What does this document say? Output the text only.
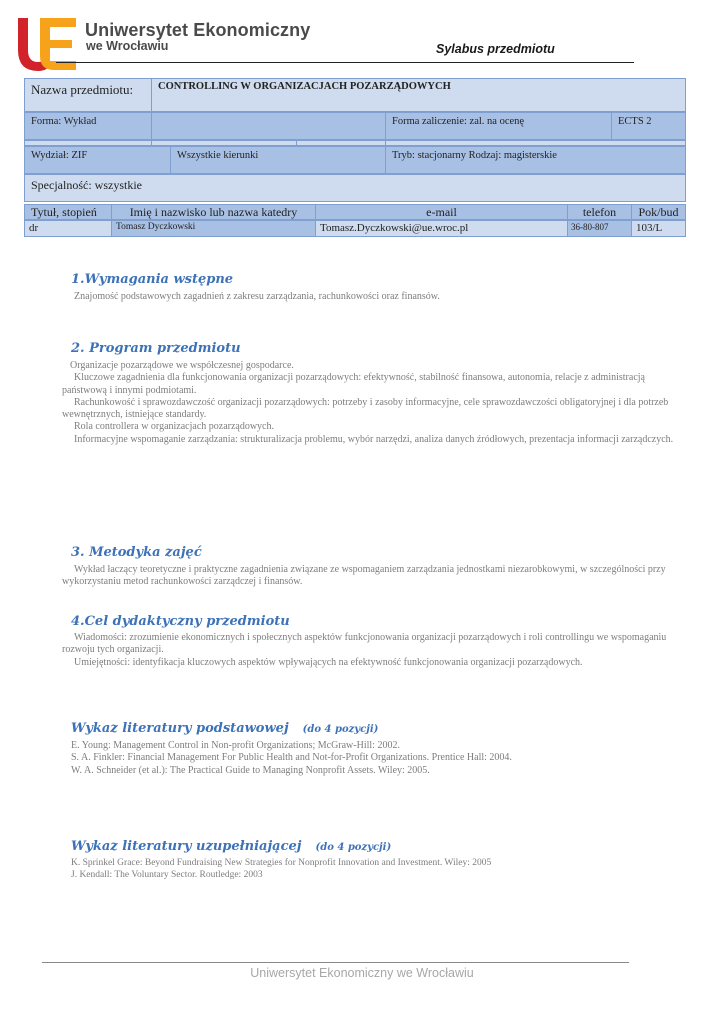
Uniwersytet Ekonomiczny
we Wrocławiu	Sylabus przedmiotu
Nazwa przedmiotu:	CONTROLLING W ORGANIZACJACH POZARZĄDOWYCH
Forma: Wykład	Forma zaliczenie: zal. na ocenę	ECTS 2
Wydział: ZIF	Wszystkie kierunki	Tryb: stacjonarny Rodzaj: magisterskie
Specjalność: wszystkie
Tytuł, stopień	Imię i nazwisko lub nazwa katedry	e-mail	telefon	Pok/bud
dr	Tomasz Dyczkowski	Tomasz.Dyczkowski@ue.wroc.pl	36-80-807	103/L
1.Wymagania wstępne
Znajomość podstawowych zagadnień z zakresu zarządzania, rachunkowości oraz finansów.
2. Program przedmiotu
Organizacje pozarządowe we współczesnej gospodarce.
Kluczowe zagadnienia dla funkcjonowania organizacji pozarządowych: efektywność, stabilność finansowa, autonomia, relacje z administracją państwową i innymi podmiotami.
Rachunkowość i sprawozdawczość organizacji pozarządowych: potrzeby i zasoby informacyjne, cele sprawozdawczości obligatoryjnej i dla potrzeb wewnętrznych, istniejące standardy.
Rola controllera w organizacjach pozarządowych.
Informacyjne wspomaganie zarządzania: strukturalizacja problemu, wybór narzędzi, analiza danych źródłowych, prezentacja informacji zarządczych.
3. Metodyka zajęć
Wykład łaczący teoretyczne i praktyczne zagadnienia związane ze wspomaganiem zarządzania jednostkami niezarobkowymi, w szczególności przy wykorzystaniu metod rachunkowości zarządczej i finansów.
4.Cel dydaktyczny przedmiotu
Wiadomości: zrozumienie ekonomicznych i społecznych aspektów funkcjonowania organizacji pozarządowych i roli controllingu we wspomaganiu rozwoju tych organizacji.
Umiejętności: identyfikacja kluczowych aspektów wpływających na efektywność funkcjonowania organizacji pozarządowych.
Wykaz literatury podstawowej (do 4 pozycji)
E. Young: Management Control in Non-profit Organizations; McGraw-Hill: 2002.
S. A. Finkler: Financial Management For Public Health and Not-for-Profit Organizations. Prentice Hall: 2004.
W. A. Schneider (et al.): The Practical Guide to Managing Nonprofit Assets. Wiley: 2005.
Wykaz literatury uzupełniającej (do 4 pozycji)
K. Sprinkel Grace: Beyond Fundraising New Strategies for Nonprofit Innovation and Investment. Wiley: 2005
J. Kendall: The Voluntary Sector. Routledge: 2003
Uniwersytet Ekonomiczny we Wrocławiu
